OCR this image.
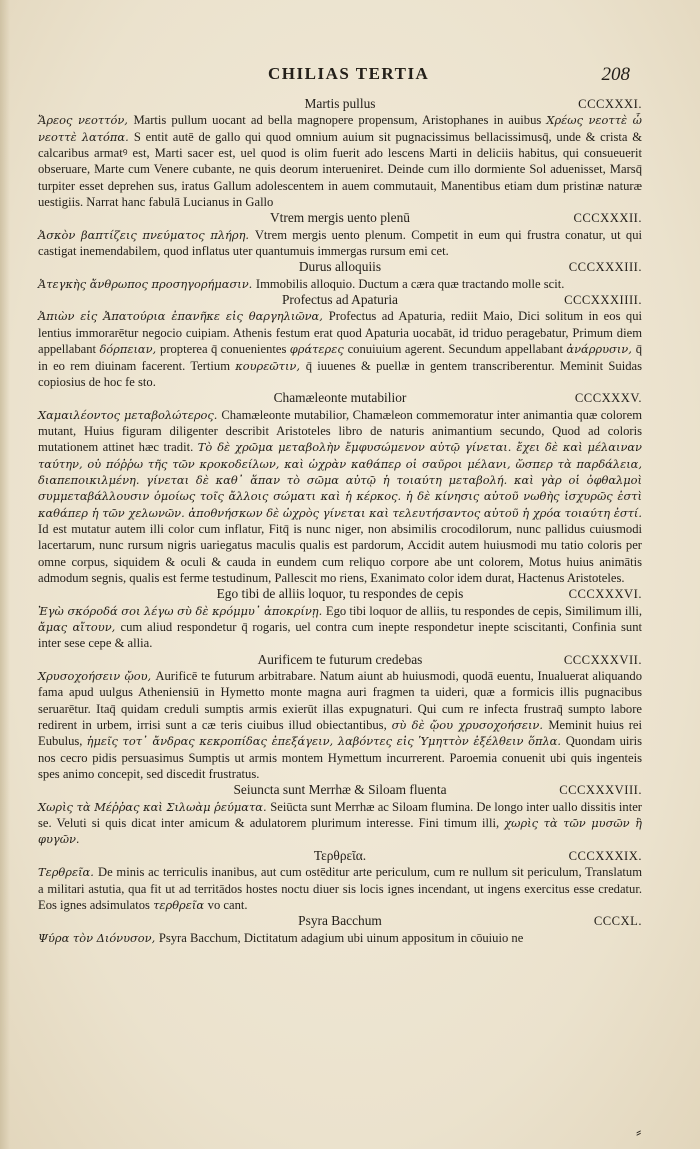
CHILIAS TERTIA	208
Martis pullus	CCCXXXI.

Ἄρεος νεοττόν, Martis pullum uocant ad bella magnopere propensum, Aristophanes in auibus Χρέως νεοττὲ ὦ νεοττὲ λατόπα. S entit autē de gallo qui quod omnium auium sit pugnacissimus bellacissimusq̄, unde & crista & calcaribus armatꝰ est, Marti sacer est, uel quod is olim fuerit ado lescens Marti in deliciis habitus, qui consueuerit obseruare, Marte cum Venere cubante, ne quis deorum interueniret. Deinde cum illo dormiente Sol aduenisset, Marsq̄ turpiter esset deprehen sus, iratus Gallum adolescentem in auem commutauit, Manentibus etiam dum pristinæ naturæ uestigiis. Narrat hanc fabulā Lucianus in Gallo

Vtrem mergis uento plenū	CCCXXXII.

Ἀσκὸν βαπτίζεις πνεύματος πλήρη. Vtrem mergis uento plenum. Competit in eum qui frustra conatur, ut qui castigat inemendabilem, quod inflatus uter quantumuis immergas rursum emi cet.

Durus alloquiis	CCCXXXIII.

Ἀτεγκὴς ἄνθρωπος προσηγορήμασιν. Immobilis alloquio. Ductum a cæra quæ tractando molle scit.

Profectus ad Apaturia	CCCXXXIIII.

Ἀπιὼν εἰς Ἀπατούρια ἐπανῆκε εἰς θαργηλιῶνα, Profectus ad Apaturia, rediit Maio, Dici solitum in eos qui lentius immorarētur negocio cuipiam. Athenis festum erat quod Apaturia uocabāt, id triduo peragebatur, Primum diem appellabant δόρπειαν, propterea q̄ conuenientes φράτερες conuiuium agerent. Secundum appellabant ἀνάρρυσιν, q̄ in eo rem diuinam facerent. Tertium κουρεῶτιν, q̄ iuuenes & puellæ in gentem transcriberentur. Meminit Suidas copiosius de hoc fe sto.

Chamæleonte mutabilior	CCCXXXV.

Χαμαιλέοντος μεταβολώτερος. Chamæleonte mutabilior, Chamæleon commemoratur inter animantia quæ colorem mutant, Huius figuram diligenter describit Aristoteles libro de naturis animantium secundo, Quod ad coloris mutationem attinet hæc tradit. Τὸ δὲ χρῶμα μεταβολὴν ἔμφυσώμενον αὐτῷ γίνεται. ἔχει δὲ καὶ μέλαιναν ταύτην, οὐ πόῤῥω τῆς τῶν κροκοδείλων, καὶ ὠχρὰν καθάπερ οἱ σαῦροι μέλανι, ὥσπερ τὰ παρδάλεια, διαπεποικιλμένη. γίνεται δὲ καθ᾽ ἅπαν τὸ σῶμα αὐτῷ ἡ τοιαύτη μεταβολή. καὶ γὰρ οἱ ὀφθαλμοὶ συμμεταβάλλουσιν ὁμοίως τοῖς ἄλλοις σώματι καὶ ἡ κέρκος. ἡ δὲ κίνησις αὐτοῦ νωθὴς ἰσχυρῶς ἐστὶ καθάπερ ἡ τῶν χελωνῶν. ἀποθνήσκων δὲ ὠχρὸς γίνεται καὶ τελευτήσαντος αὐτοῦ ἡ χρόα τοιαύτη ἐστί. Id est mutatur autem illi color cum inflatur, Fitq̄ is nunc niger, non absimilis crocodilorum, nunc pallidus cuiusmodi lacertarum, nunc rursum nigris uariegatus maculis qualis est pardorum, Accidit autem huiusmodi mu tatio coloris per omne corpus, siquidem & oculi & cauda in eundem cum reliquo corpore abe unt colorem, Motus huius animātis admodum segnis, qualis est ferme testudinum, Pallescit mo riens, Exanimato color idem durat, Hactenus Aristoteles.

Ego tibi de alliis loquor, tu respondes de cepis	CCCXXXVI.

Ἐγὼ σκόροδά σοι λέγω σὺ δὲ κρόμμυ᾽ ἀποκρίνῃ. Ego tibi loquor de alliis, tu respondes de cepis, Similimum illi, ἄμας αἴτουν, cum aliud respondetur q̄ rogaris, uel contra cum inepte respondetur inepte sciscitanti, Confinia sunt inter sese cepe & allia.

Aurificem te futurum credebas	CCCXXXVII.

Χρυσοχοήσειν ᾤου, Aurificē te futurum arbitrabare. Natum aiunt ab huiusmodi, quodā euentu, Inualuerat aliquando fama apud uulgus Atheniensiū in Hymetto monte magna auri fragmen ta uideri, quæ a formicis illis pugnacibus seruarētur. Itaq̄ quidam creduli sumptis armis exierūt illas expugnaturi. Qui cum re infecta frustraq̄ sumpto labore redirent in urbem, irrisi sunt a cæ teris ciuibus illud obiectantibus, σὺ δὲ ᾤου χρυσοχοήσειν. Meminit huius rei Eubulus, ἡμεῖς τοτ᾽ ἄνδρας κεκροπίδας ἐπεξάγειν, λαβόντες εἰς Ὑμηττὸν ἐξέλθειν ὅπλα. Quondam uiris nos cecro pidis persuasimus Sumptis ut armis montem Hymettum incurrerent. Paroemia conuenit ubi quis ingenteis spes animo concepit, sed discedit frustratus.

Seiuncta sunt Merrhæ & Siloam fluenta	CCCXXXVIII.

Χωρὶς τὰ Μέῤῥας καὶ Σιλωὰμ ῥεύματα. Seiūcta sunt Merrhæ ac Siloam flumina. De longo inter uallo dissitis inter se. Veluti si quis dicat inter amicum & adulatorem plurimum interesse. Fini timum illi, χωρὶς τὰ τῶν μυσῶν ἢ φυγῶν.

Τερθρεῖα.	CCCXXXIX.

Τερθρεῖα. De minis ac terriculis inanibus, aut cum ostēditur arte periculum, cum re nullum sit periculum, Translatum a militari astutia, qua fit ut ad territādos hostes noctu diuer sis locis ignes incendant, ut ingens exercitus esse credatur. Eos ignes adsimulatos τερθρεῖα vo cant.

Psyra Bacchum	CCCXL.

Ψύρα τὸν Διόνυσον, Psyra Bacchum, Dictitatum adagium ubi uinum appositum in cōuiuio ne

⸗
